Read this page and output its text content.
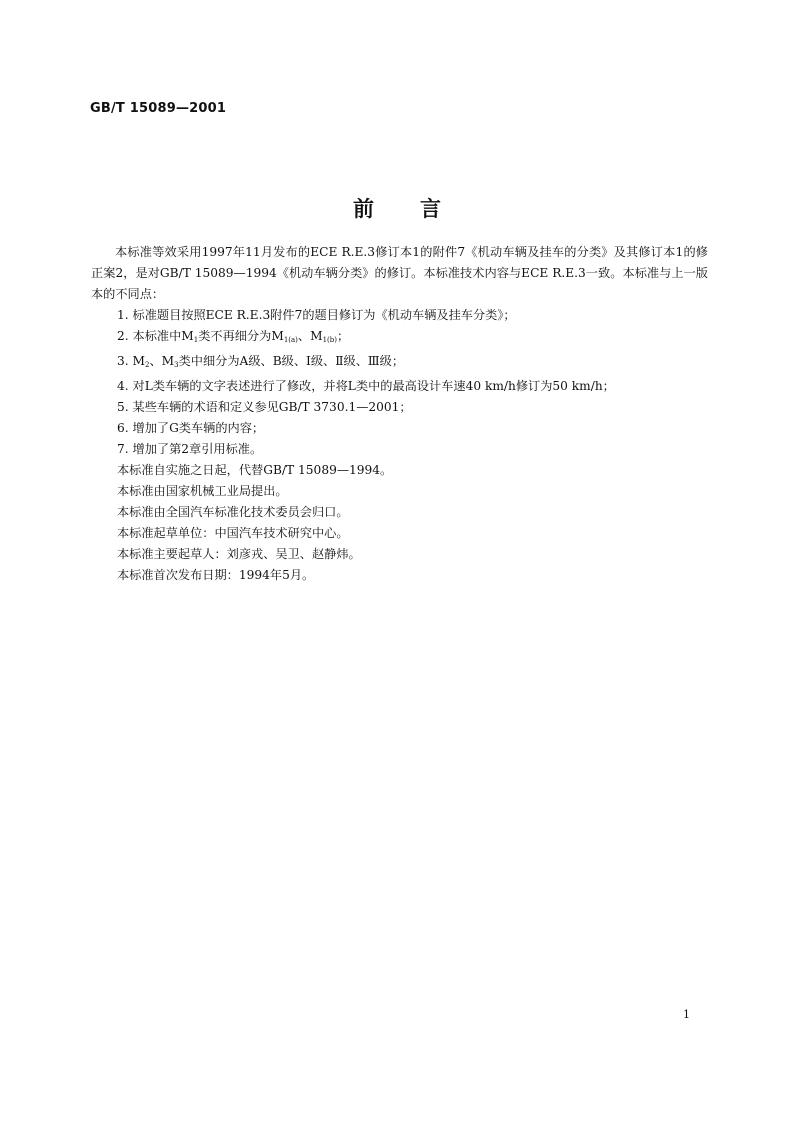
GB/T 15089—2001
前言

本标准等效采用1997年11月发布的ECE R.E.3修订本1的附件7《机动车辆及挂车的分类》及其修订本1的修正案2，是对GB/T 15089—1994《机动车辆分类》的修订。本标准技术内容与ECE R.E.3一致。本标准与上一版本的不同点：

1. 标准题目按照ECE R.E.3附件7的题目修订为《机动车辆及挂车分类》；

2. 本标准中$M_1$类不再细分为$M_{1(a)}$、$M_{1(b)}$；

3. $M_2$、$M_3$类中细分为A级、B级、Ⅰ级、Ⅱ级、Ⅲ级；

4. 对L类车辆的文字表述进行了修改，并将L类中的最高设计车速40 km/h修订为50 km/h；

5. 某些车辆的术语和定义参见GB/T 3730.1—2001；

6. 增加了G类车辆的内容；

7. 增加了第2章引用标准。

本标准自实施之日起，代替GB/T 15089—1994。

本标准由国家机械工业局提出。

本标准由全国汽车标准化技术委员会归口。

本标准起草单位：中国汽车技术研究中心。

本标准主要起草人：刘彦戎、吴卫、赵静炜。

本标准首次发布日期：1994年5月。

1
